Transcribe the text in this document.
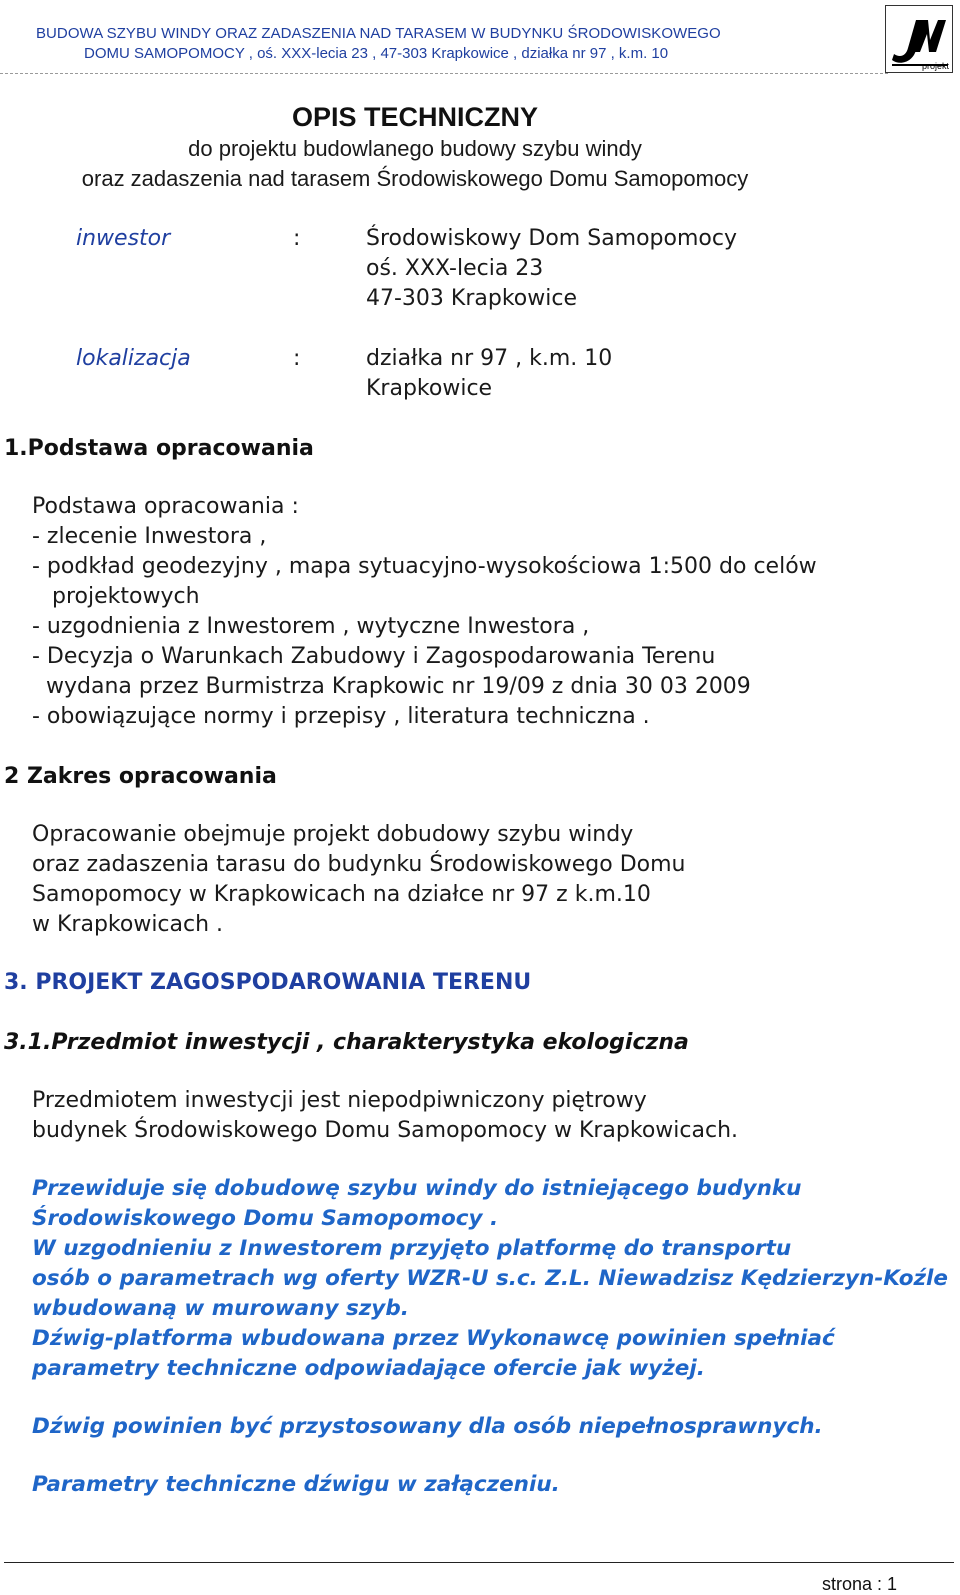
BUDOWA SZYBU WINDY ORAZ ZADASZENIA NAD TARASEM W BUDYNKU ŚRODOWISKOWEGO
DOMU SAMOPOMOCY , oś. XXX-lecia 23 , 47-303 Krapkowice , działka nr 97 , k.m. 10
projekt
OPIS TECHNICZNY
do projektu budowlanego budowy szybu windy
oraz zadaszenia nad tarasem Środowiskowego Domu Samopomocy
inwestor	:	Środowiskowy Dom Samopomocy
oś. XXX-lecia 23
47-303 Krapkowice
lokalizacja	:	działka nr 97 , k.m. 10
Krapkowice
1.Podstawa opracowania
Podstawa opracowania :
- zlecenie Inwestora ,
- podkład geodezyjny , mapa sytuacyjno-wysokościowa 1:500 do celów
projektowych
- uzgodnienia z Inwestorem , wytyczne Inwestora ,
- Decyzja o Warunkach Zabudowy i Zagospodarowania Terenu
wydana przez Burmistrza Krapkowic nr 19/09 z dnia 30 03 2009
- obowiązujące normy i przepisy , literatura techniczna .
2 Zakres opracowania
Opracowanie obejmuje projekt dobudowy szybu windy
oraz zadaszenia tarasu do budynku Środowiskowego Domu
Samopomocy w Krapkowicach na działce nr 97 z k.m.10
w Krapkowicach .
3. PROJEKT ZAGOSPODAROWANIA TERENU
3.1.Przedmiot inwestycji , charakterystyka ekologiczna
Przedmiotem inwestycji jest niepodpiwniczony piętrowy
budynek Środowiskowego Domu Samopomocy w Krapkowicach.
Przewiduje się dobudowę szybu windy do istniejącego budynku
Środowiskowego Domu Samopomocy .
W uzgodnieniu z Inwestorem przyjęto platformę do transportu
osób o parametrach wg oferty WZR-U s.c. Z.L. Niewadzisz Kędzierzyn-Koźle
wbudowaną w murowany szyb.
Dźwig-platforma wbudowana przez Wykonawcę powinien spełniać
parametry techniczne odpowiadające ofercie jak wyżej.
Dźwig powinien być przystosowany dla osób niepełnosprawnych.
Parametry techniczne dźwigu w załączeniu.
strona : 1
